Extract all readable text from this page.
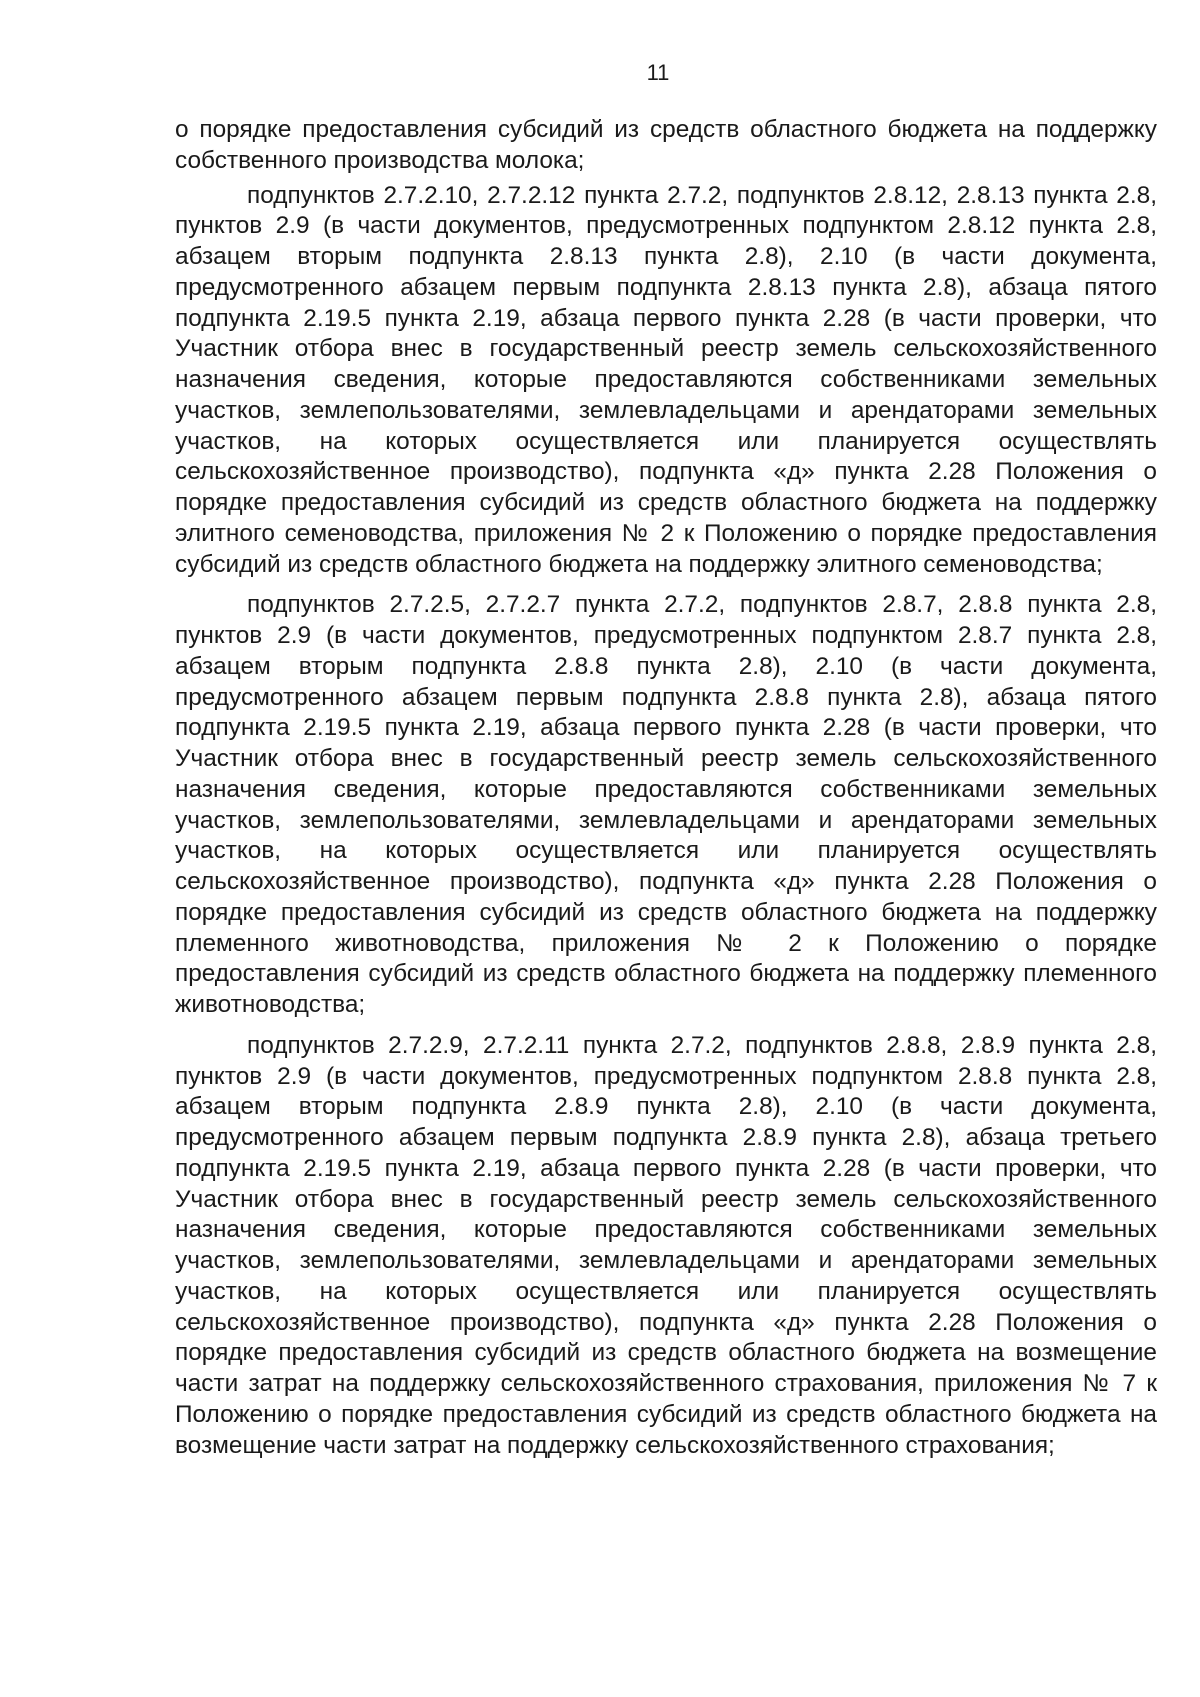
11

о порядке предоставления субсидий из средств областного бюджета на поддержку собственного производства молока;

подпунктов 2.7.2.10, 2.7.2.12 пункта 2.7.2, подпунктов 2.8.12, 2.8.13 пункта 2.8, пунктов 2.9 (в части документов, предусмотренных подпунктом 2.8.12 пункта 2.8, абзацем вторым подпункта 2.8.13 пункта 2.8), 2.10 (в части документа, предусмотренного абзацем первым подпункта 2.8.13 пункта 2.8), абзаца пятого подпункта 2.19.5 пункта 2.19, абзаца первого пункта 2.28 (в части проверки, что Участник отбора внес в государственный реестр земель сельскохозяйственного назначения сведения, которые предоставляются собственниками земельных участков, землепользователями, землевладельцами и арендаторами земельных участков, на которых осуществляется или планируется осуществлять сельскохозяйственное производство), подпункта «д» пункта 2.28 Положения о порядке предоставления субсидий из средств областного бюджета на поддержку элитного семеноводства, приложения № 2 к Положению о порядке предоставления субсидий из средств областного бюджета на поддержку элитного семеноводства;

подпунктов 2.7.2.5, 2.7.2.7 пункта 2.7.2, подпунктов 2.8.7, 2.8.8 пункта 2.8, пунктов 2.9 (в части документов, предусмотренных подпунктом 2.8.7 пункта 2.8, абзацем вторым подпункта 2.8.8 пункта 2.8), 2.10 (в части документа, предусмотренного абзацем первым подпункта 2.8.8 пункта 2.8), абзаца пятого подпункта 2.19.5 пункта 2.19, абзаца первого пункта 2.28 (в части проверки, что Участник отбора внес в государственный реестр земель сельскохозяйственного назначения сведения, которые предоставляются собственниками земельных участков, землепользователями, землевладельцами и арендаторами земельных участков, на которых осуществляется или планируется осуществлять сельскохозяйственное производство), подпункта «д» пункта 2.28 Положения о порядке предоставления субсидий из средств областного бюджета на поддержку племенного животноводства, приложения № 2 к Положению о порядке предоставления субсидий из средств областного бюджета на поддержку племенного животноводства;

подпунктов 2.7.2.9, 2.7.2.11 пункта 2.7.2, подпунктов 2.8.8, 2.8.9 пункта 2.8, пунктов 2.9 (в части документов, предусмотренных подпунктом 2.8.8 пункта 2.8, абзацем вторым подпункта 2.8.9 пункта 2.8), 2.10 (в части документа, предусмотренного абзацем первым подпункта 2.8.9 пункта 2.8), абзаца третьего подпункта 2.19.5 пункта 2.19, абзаца первого пункта 2.28 (в части проверки, что Участник отбора внес в государственный реестр земель сельскохозяйственного назначения сведения, которые предоставляются собственниками земельных участков, землепользователями, землевладельцами и арендаторами земельных участков, на которых осуществляется или планируется осуществлять сельскохозяйственное производство), подпункта «д» пункта 2.28 Положения о порядке предоставления субсидий из средств областного бюджета на возмещение части затрат на поддержку сельскохозяйственного страхования, приложения № 7 к Положению о порядке предоставления субсидий из средств областного бюджета на возмещение части затрат на поддержку сельскохозяйственного страхования;
